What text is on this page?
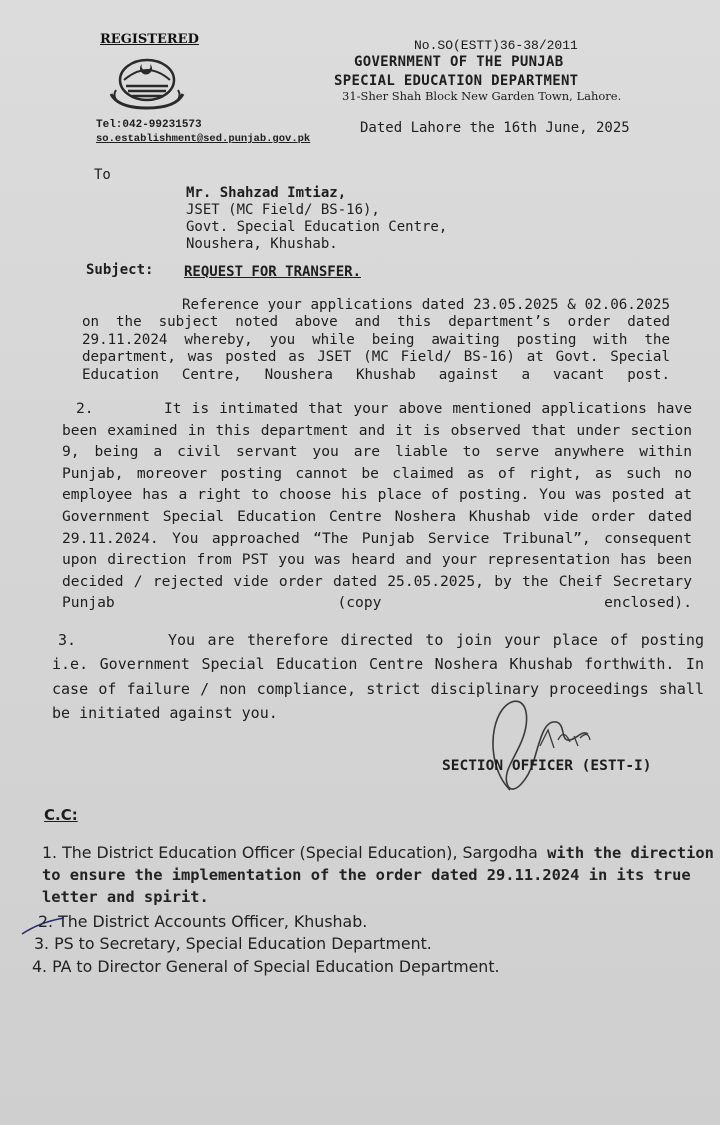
REGISTERED	No.SO(ESTT)36-38/2011
GOVERNMENT OF THE PUNJAB
SPECIAL EDUCATION DEPARTMENT
31-Sher Shah Block New Garden Town, Lahore.
Tel:042-99231573
so.establishment@sed.punjab.gov.pk
Dated Lahore the 16th June, 2025
To
Mr. Shahzad Imtiaz,
JSET (MC Field/ BS-16),
Govt. Special Education Centre,
Noushera, Khushab.
Subject: REQUEST FOR TRANSFER.
Reference your applications dated 23.05.2025 & 02.06.2025 on the subject noted above and this department’s order dated 29.11.2024 whereby, you while being awaiting posting with the department, was posted as JSET (MC Field/ BS-16) at Govt. Special Education Centre, Noushera Khushab against a vacant post.
2.	It is intimated that your above mentioned applications have been examined in this department and it is observed that under section 9, being a civil servant you are liable to serve anywhere within Punjab, moreover posting cannot be claimed as of right, as such no employee has a right to choose his place of posting. You was posted at Government Special Education Centre Noshera Khushab vide order dated 29.11.2024. You approached “The Punjab Service Tribunal”, consequent upon direction from PST you was heard and your representation has been decided / rejected vide order dated 25.05.2025, by the Cheif Secretary Punjab (copy enclosed).
3.	You are therefore directed to join your place of posting i.e. Government Special Education Centre Noshera Khushab forthwith. In case of failure / non compliance, strict disciplinary proceedings shall be initiated against you.
SECTION OFFICER (ESTT-I)
C.C:
1. The District Education Officer (Special Education), Sargodha with the direction to ensure the implementation of the order dated 29.11.2024 in its true letter and spirit.
2. The District Accounts Officer, Khushab.
3. PS to Secretary, Special Education Department.
4. PA to Director General of Special Education Department.
